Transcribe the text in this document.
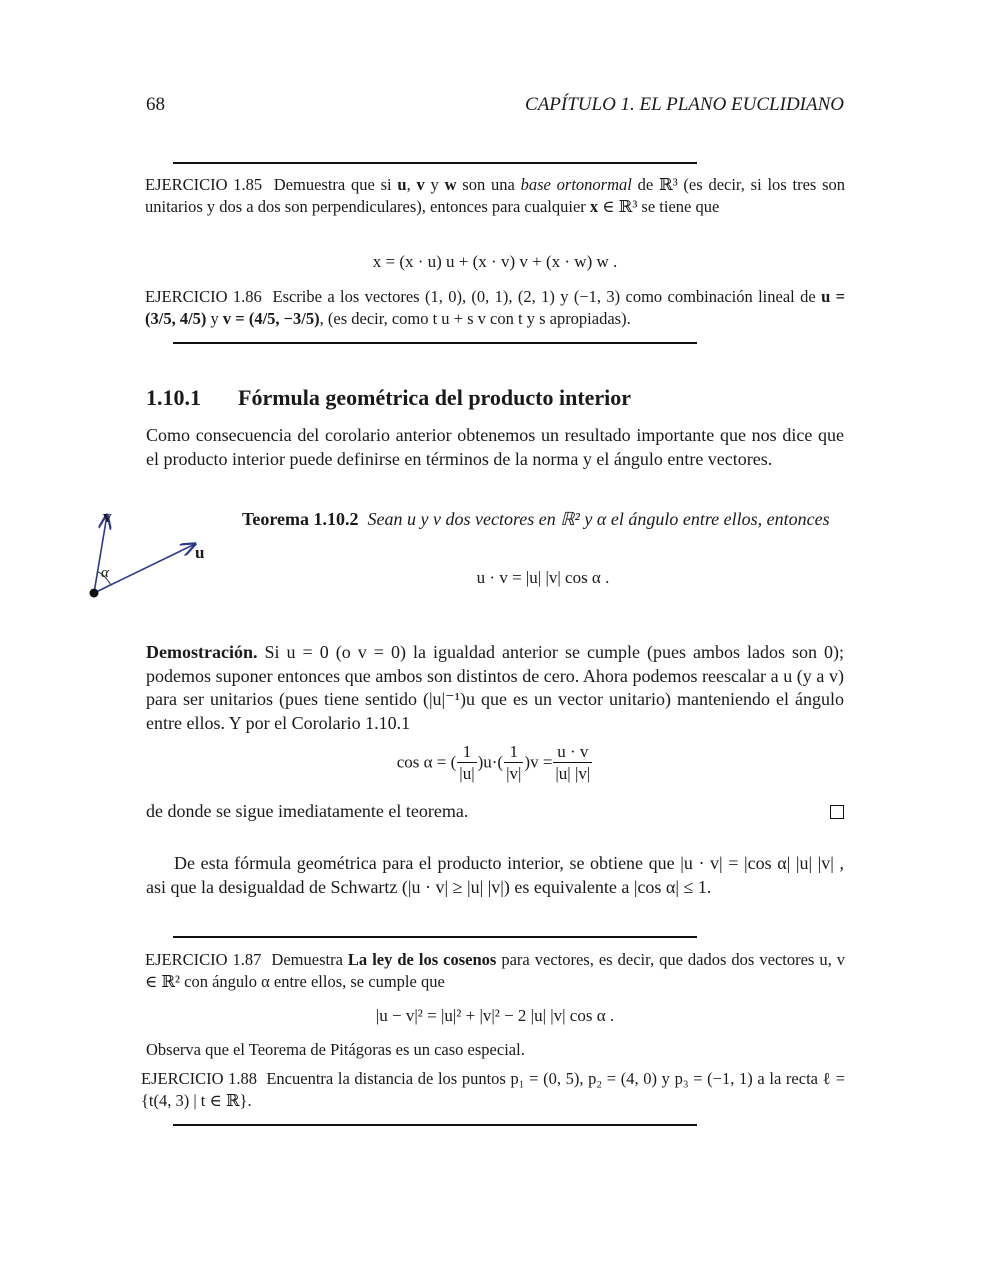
68	CAPÍTULO 1. EL PLANO EUCLIDIANO
EJERCICIO 1.85 Demuestra que si u, v y w son una base ortonormal de ℝ³ (es decir, si los tres son unitarios y dos a dos son perpendiculares), entonces para cualquier x ∈ ℝ³ se tiene que
x = (x · u) u + (x · v) v + (x · w) w .
EJERCICIO 1.86 Escribe a los vectores (1, 0), (0, 1), (2, 1) y (−1, 3) como combinación lineal de u = (3/5, 4/5) y v = (4/5, −3/5), (es decir, como t u + s v con t y s apropiadas).
1.10.1 Fórmula geométrica del producto interior
Como consecuencia del corolario anterior obtenemos un resultado importante que nos dice que el producto interior puede definirse en términos de la norma y el ángulo entre vectores.
v
u
α
Teorema 1.10.2 Sean u y v dos vectores en ℝ² y α el ángulo entre ellos, entonces
u · v = |u| |v| cos α .
Demostración. Si u = 0 (o v = 0) la igualdad anterior se cumple (pues ambos lados son 0); podemos suponer entonces que ambos son distintos de cero. Ahora podemos reescalar a u (y a v) para ser unitarios (pues tiene sentido (|u|⁻¹)u que es un vector unitario) manteniendo el ángulo entre ellos. Y por el Corolario 1.10.1
cos α = ( $\frac{1}{|u|} )u\cdot( \frac{1}{|v|} )v = \frac{u \cdot v}{|u| |v|}$
de donde se sigue imediatamente el teorema.
De esta fórmula geométrica para el producto interior, se obtiene que |u · v| = |cos α| |u| |v| , asi que la desigualdad de Schwartz (|u · v| ≥ |u| |v|) es equivalente a |cos α| ≤ 1.
EJERCICIO 1.87 Demuestra La ley de los cosenos para vectores, es decir, que dados dos vectores u, v ∈ ℝ² con ángulo α entre ellos, se cumple que
|u − v|² = |u|² + |v|² − 2 |u| |v| cos α .
Observa que el Teorema de Pitágoras es un caso especial.
EJERCICIO 1.88 Encuentra la distancia de los puntos p₁ = (0, 5), p₂ = (4, 0) y p₃ = (−1, 1) a la recta ℓ = {t(4, 3) | t ∈ ℝ}.
